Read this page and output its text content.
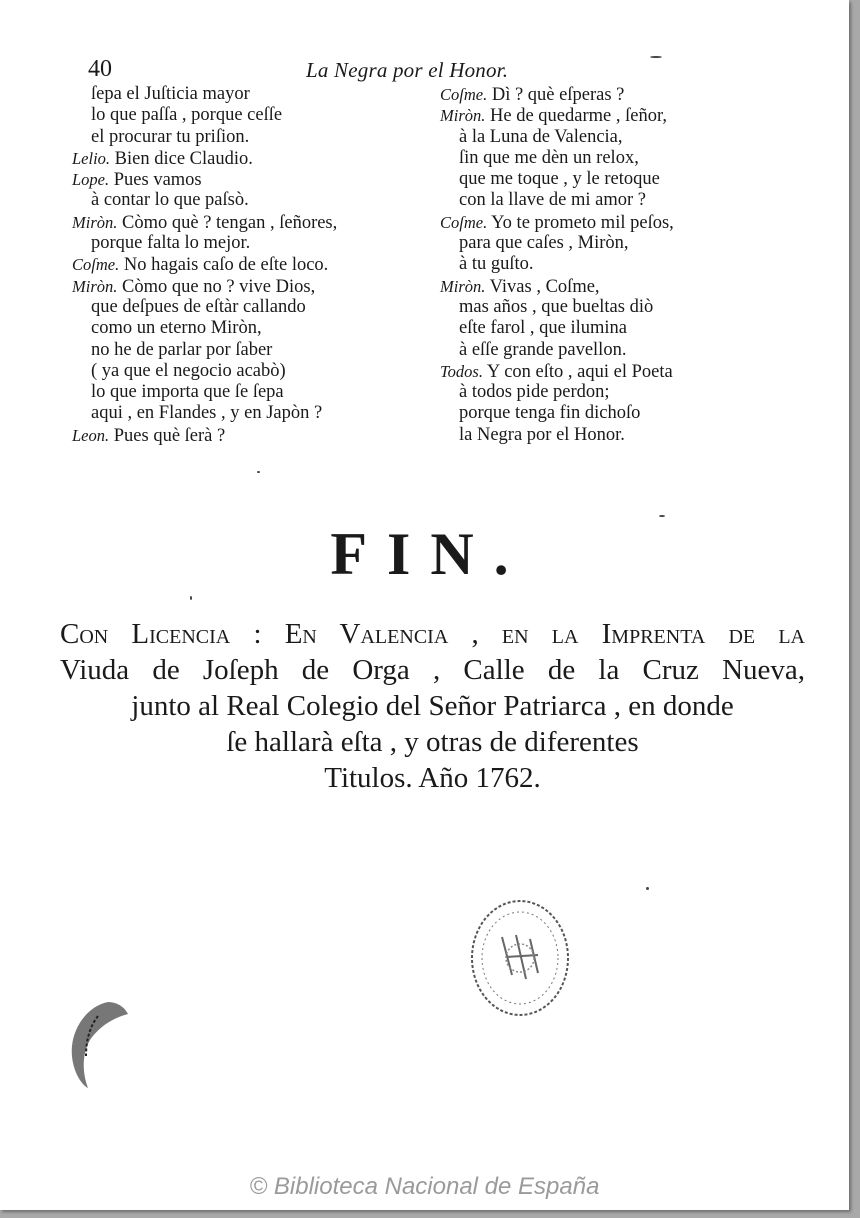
40	La Negra por el Honor.
ſepa el Juſticia mayor
lo que paſſa , porque ceſſe
el procurar tu priſion.
Lelio. Bien dice Claudio.
Lope. Pues vamos
à contar lo que paſsò.
Miròn. Còmo què ? tengan , ſeñores,
porque falta lo mejor.
Coſme. No hagais caſo de eſte loco.
Miròn. Còmo que no ? vive Dios,
que deſpues de eſtàr callando
como un eterno Miròn,
no he de parlar por ſaber
( ya que el negocio acabò)
lo que importa que ſe ſepa
aqui , en Flandes , y en Japòn ?
Leon. Pues què ſerà ?
Coſme. Dì ? què eſperas ?
Miròn. He de quedarme , ſeñor,
à la Luna de Valencia,
ſin que me dèn un relox,
que me toque , y le retoque
con la llave de mi amor ?
Coſme. Yo te prometo mil peſos,
para que caſes , Miròn,
à tu guſto.
Miròn. Vivas , Coſme,
mas años , que bueltas diò
eſte farol , que ilumina
à eſſe grande pavellon.
Todos. Y con eſto , aqui el Poeta
à todos pide perdon;
porque tenga fin dichoſo
la Negra por el Honor.
FIN.
Con Licencia : En Valencia , en la Imprenta de la
Viuda de Joſeph de Orga , Calle de la Cruz Nueva,
junto al Real Colegio del Señor Patriarca , en donde
ſe hallarà eſta , y otras de diferentes
Titulos. Año 1762.
© Biblioteca Nacional de España
